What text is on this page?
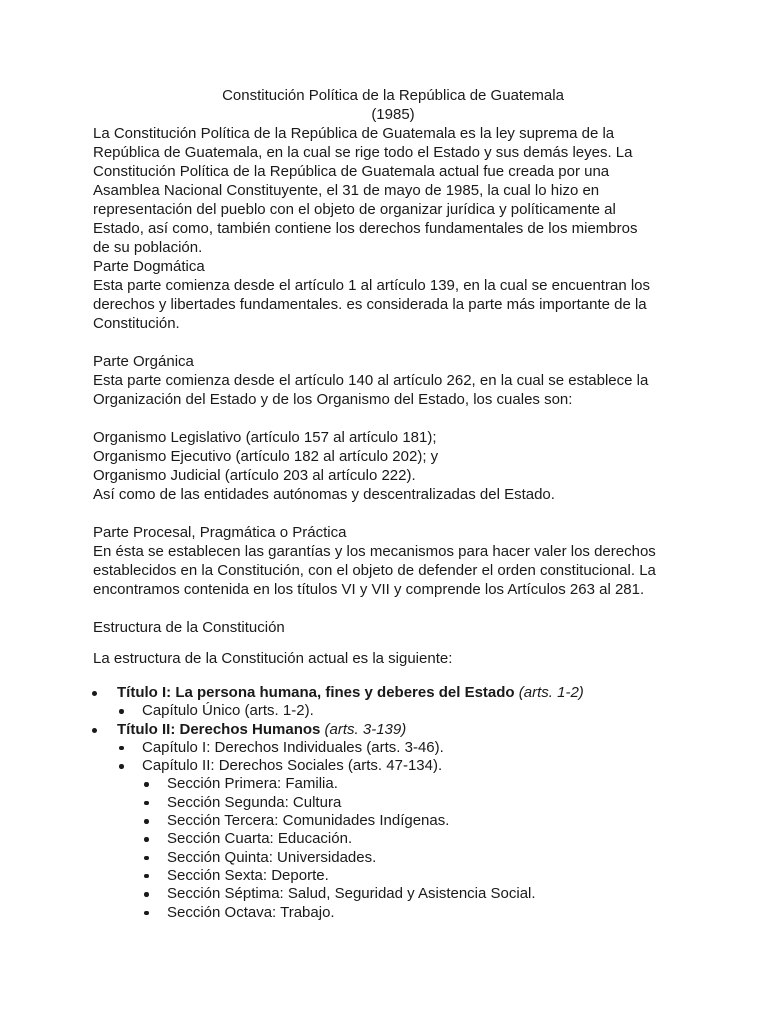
Constitución Política de la República de Guatemala
(1985)
La Constitución Política de la República de Guatemala es la ley suprema de la
República de Guatemala, en la cual se rige todo el Estado y sus demás leyes. La
Constitución Política de la República de Guatemala actual fue creada por una
Asamblea Nacional Constituyente, el 31 de mayo de 1985, la cual lo hizo en
representación del pueblo con el objeto de organizar jurídica y políticamente al
Estado, así como, también contiene los derechos fundamentales de los miembros
de su población.
Parte Dogmática
Esta parte comienza desde el artículo 1 al artículo 139, en la cual se encuentran los
derechos y libertades fundamentales. es considerada la parte más importante de la
Constitución.
Parte Orgánica
Esta parte comienza desde el artículo 140 al artículo 262, en la cual se establece la
Organización del Estado y de los Organismo del Estado, los cuales son:
Organismo Legislativo (artículo 157 al artículo 181);
Organismo Ejecutivo (artículo 182 al artículo 202); y
Organismo Judicial (artículo 203 al artículo 222).
Así como de las entidades autónomas y descentralizadas del Estado.
Parte Procesal, Pragmática o Práctica
En ésta se establecen las garantías y los mecanismos para hacer valer los derechos
establecidos en la Constitución, con el objeto de defender el orden constitucional. La
encontramos contenida en los títulos VI y VII y comprende los Artículos 263 al 281.
Estructura de la Constitución
La estructura de la Constitución actual es la siguiente:
Título I: La persona humana, fines y deberes del Estado (arts. 1-2)
Capítulo Único (arts. 1-2).
Título II: Derechos Humanos (arts. 3-139)
Capítulo I: Derechos Individuales (arts. 3-46).
Capítulo II: Derechos Sociales (arts. 47-134).
Sección Primera: Familia.
Sección Segunda: Cultura
Sección Tercera: Comunidades Indígenas.
Sección Cuarta: Educación.
Sección Quinta: Universidades.
Sección Sexta: Deporte.
Sección Séptima: Salud, Seguridad y Asistencia Social.
Sección Octava: Trabajo.
